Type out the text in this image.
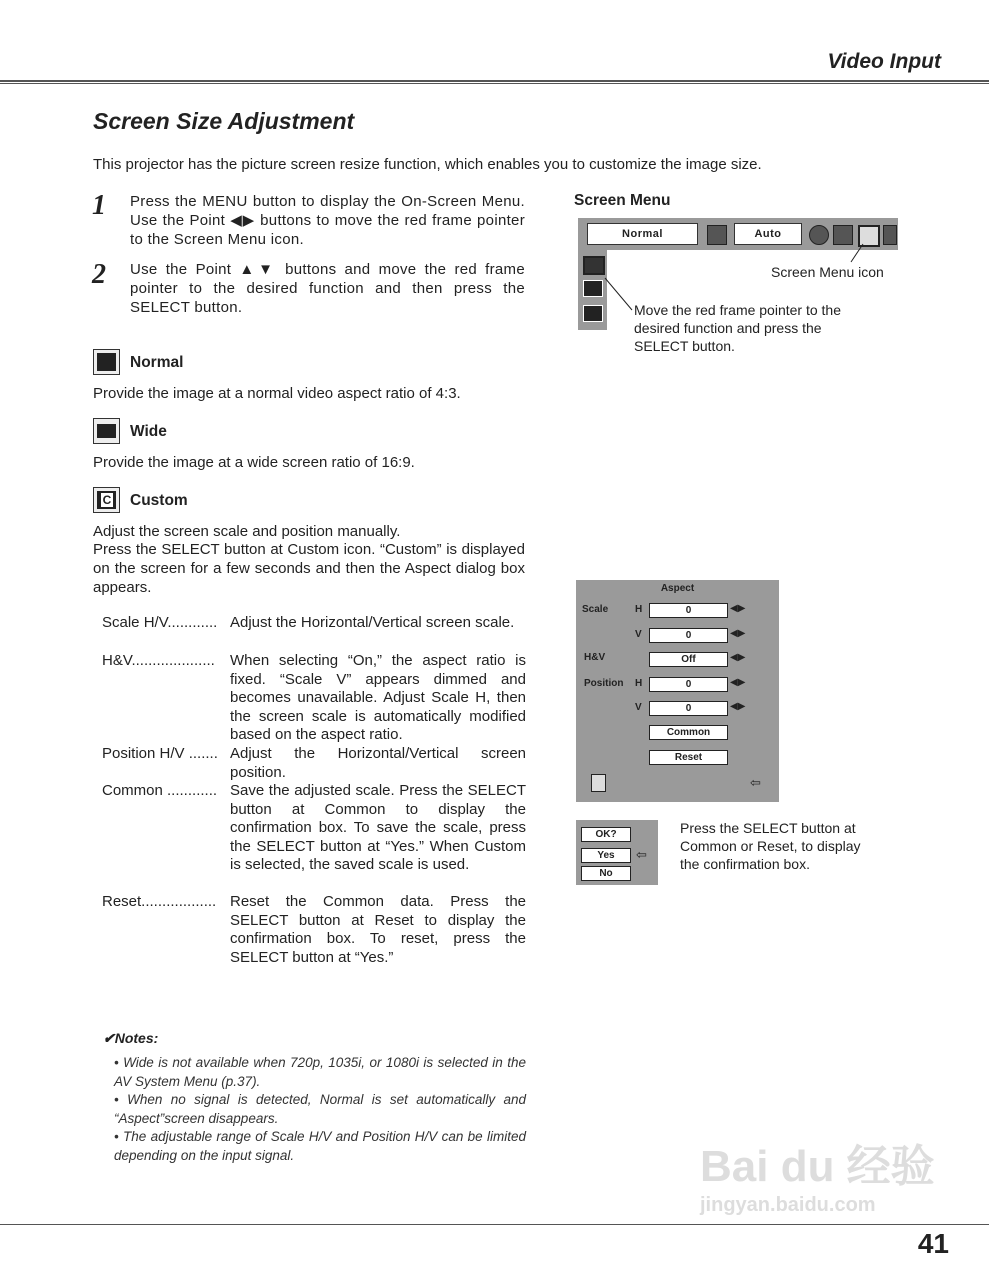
Video Input
Screen Size Adjustment
This projector has the picture screen resize function, which enables you to customize the image size.
1 Press the MENU button to display the On-Screen Menu. Use the Point ◀▶ buttons to move the red frame pointer to the Screen Menu icon.
2 Use the Point ▲▼ buttons and move the red frame pointer to the desired function and then press the SELECT button.
Normal
Provide the image at a normal video aspect ratio of 4:3.
Wide
Provide the image at a wide screen ratio of 16:9.
C Custom
Adjust the screen scale and position manually.
Press the SELECT button at Custom icon. “Custom” is displayed on the screen for a few seconds and then the Aspect dialog box appears.
Scale H/V............ Adjust the Horizontal/Vertical screen scale.
H&V....................	When selecting “On,” the aspect ratio is fixed. “Scale V” appears dimmed and becomes unavailable. Adjust Scale H, then the screen scale is automatically modified based on the aspect ratio.
Position H/V ....... Adjust the Horizontal/Vertical screen position.
Common ............ Save the adjusted scale. Press the SELECT button at Common to display the confirmation box. To save the scale, press the SELECT button at “Yes.” When Custom is selected, the saved scale is used.
Reset.................. Reset the Common data. Press the SELECT button at Reset to display the confirmation box. To reset, press the SELECT button at “Yes.”
✔Notes:
• Wide is not available when 720p, 1035i, or 1080i is selected in the AV System Menu (p.37).
• When no signal is detected, Normal is set automatically and “Aspect”screen disappears.
• The adjustable range of Scale H/V and Position H/V can be limited depending on the input signal.
Screen Menu
Normal	Auto
Screen Menu icon
Move the red frame pointer to the desired function and press the SELECT button.
Aspect
Scale	H	0	◀▶
V	0	◀▶
H&V	Off	◀▶
Position H	0	◀▶
V	0	◀▶
Common
Reset
⇦
OK?
Yes	⇦
No
Press the SELECT button at Common or Reset, to display the confirmation box.
Bai du 经验
jingyan.baidu.com
41
